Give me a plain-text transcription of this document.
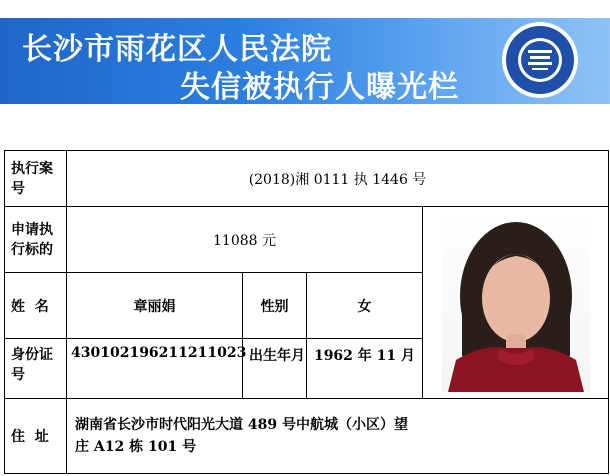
长沙市雨花区人民法院
失信被执行人曝光栏
执行案号	(2018)湘 0111 执 1446 号			
申请执行标的	11088 元	
姓  名	章丽娟	性别	女	
身份证号	430102196211211023	出生年月	1962 年 11 月	
住  址	湖南省长沙市时代阳光大道 489 号中航城（小区）望庄 A12 栋 101 号			
